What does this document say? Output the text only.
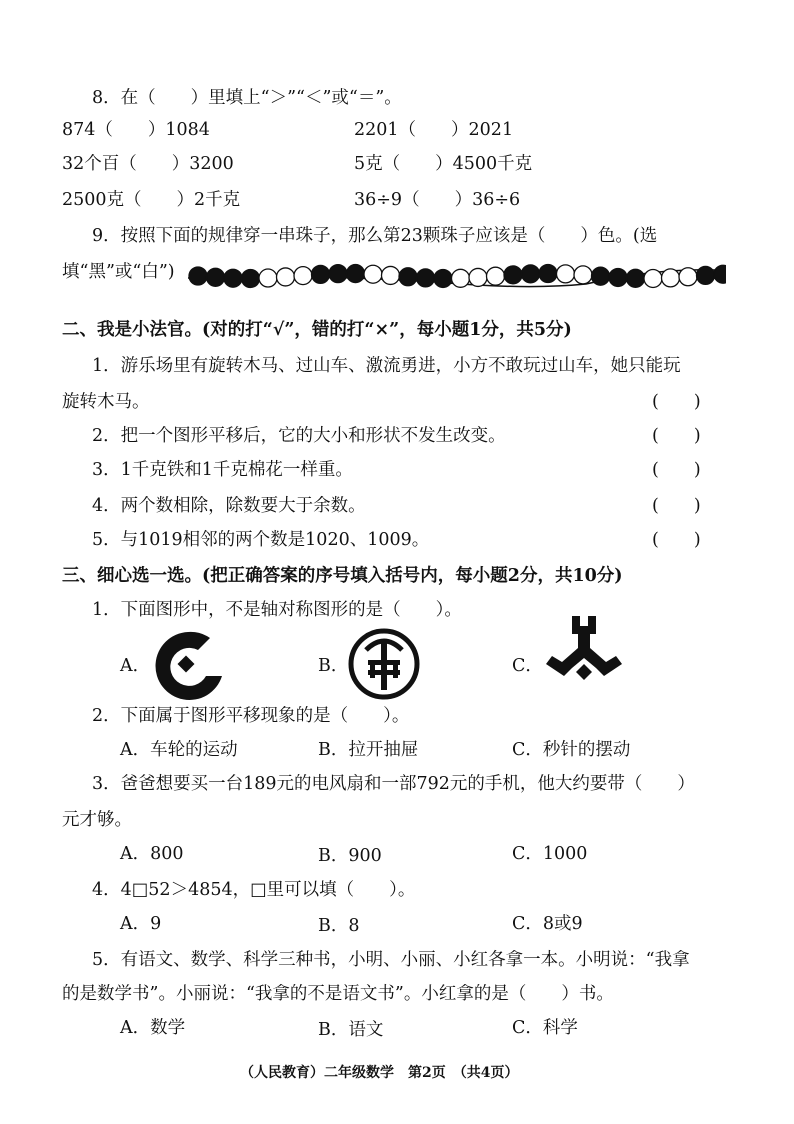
8．在（　　）里填上“＞”“＜”或“＝”。
874（　　）1084	2201（　　）2021
32个百（　　）3200	5克（　　）4500千克
2500克（　　）2千克	36÷9（　　）36÷6
9．按照下面的规律穿一串珠子，那么第23颗珠子应该是（　　）色。(选
填“黑”或“白”)
二、我是小法官。(对的打“√”，错的打“×”，每小题1分，共5分)
1．游乐场里有旋转木马、过山车、激流勇进，小方不敢玩过山车，她只能玩
旋转木马。	(　　)
2．把一个图形平移后，它的大小和形状不发生改变。	(　　)
3．1千克铁和1千克棉花一样重。	(　　)
4．两个数相除，除数要大于余数。	(　　)
5．与1019相邻的两个数是1020、1009。	(　　)
三、细心选一选。(把正确答案的序号填入括号内，每小题2分，共10分)
1．下面图形中，不是轴对称图形的是（　　）。
A．	B．	C．
2．下面属于图形平移现象的是（　　）。
A．车轮的运动	B．拉开抽屉	C．秒针的摆动
3．爸爸想要买一台189元的电风扇和一部792元的手机，他大约要带（　　）
元才够。
A．800	B．900	C．1000
4．4□52＞4854，□里可以填（　　）。
A．9	B．8	C．8或9
5．有语文、数学、科学三种书，小明、小丽、小红各拿一本。小明说：“我拿
的是数学书”。小丽说：“我拿的不是语文书”。小红拿的是（　　）书。
A．数学	B．语文	C．科学
（人民教育）二年级数学　第2页　（共4页）
